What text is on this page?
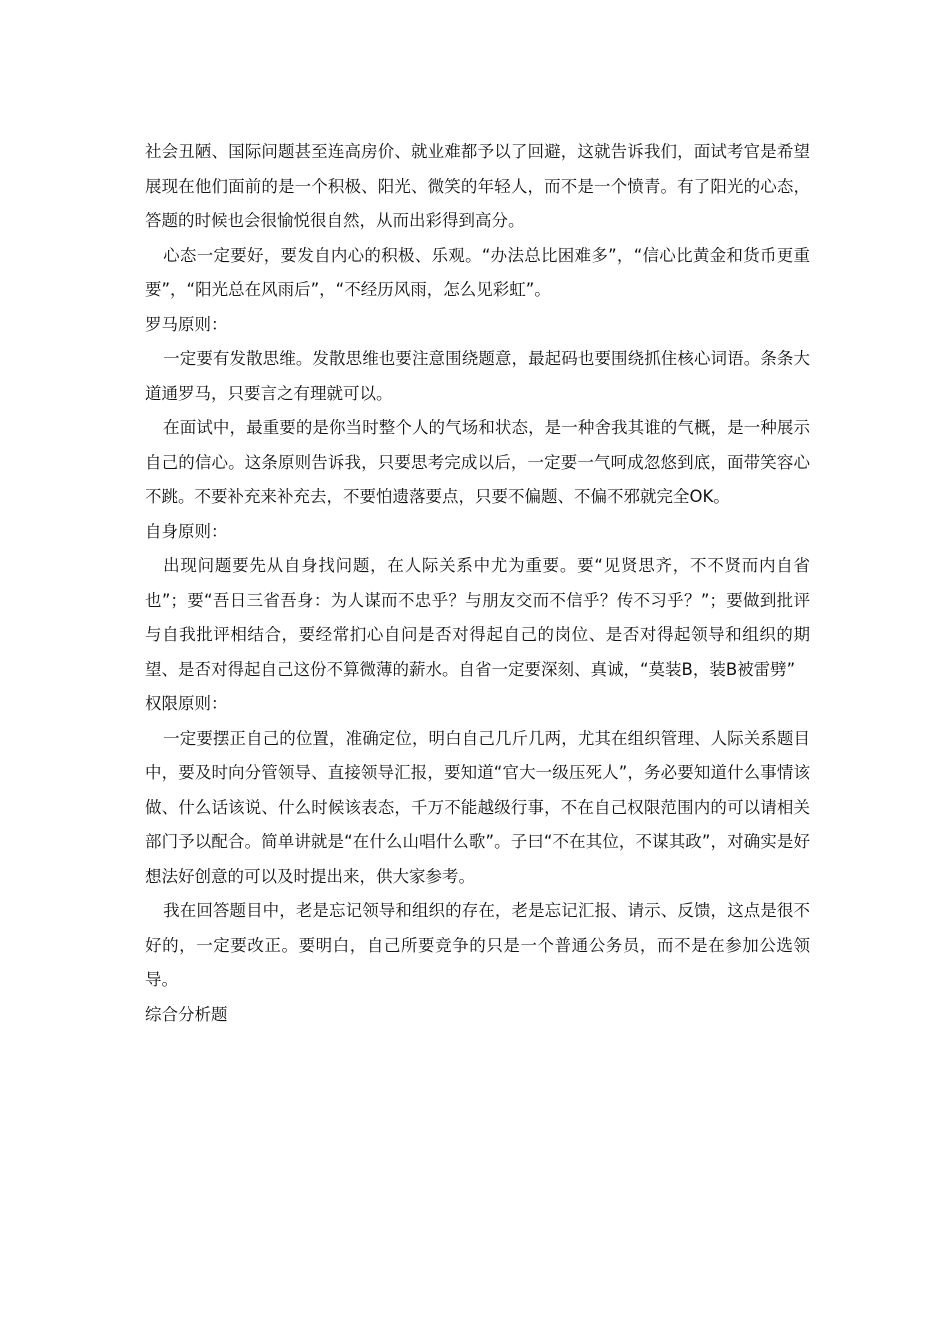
社会丑陋、国际问题甚至连高房价、就业难都予以了回避，这就告诉我们，面试考官是希望展现在他们面前的是一个积极、阳光、微笑的年轻人，而不是一个愤青。有了阳光的心态，答题的时候也会很愉悦很自然，从而出彩得到高分。

心态一定要好，要发自内心的积极、乐观。“办法总比困难多”，“信心比黄金和货币更重要”，“阳光总在风雨后”，“不经历风雨，怎么见彩虹”。

罗马原则：

一定要有发散思维。发散思维也要注意围绕题意，最起码也要围绕抓住核心词语。条条大道通罗马，只要言之有理就可以。

在面试中，最重要的是你当时整个人的气场和状态，是一种舍我其谁的气概，是一种展示自己的信心。这条原则告诉我，只要思考完成以后，一定要一气呵成忽悠到底，面带笑容心不跳。不要补充来补充去，不要怕遗落要点，只要不偏题、不偏不邪就完全OK。

自身原则：

出现问题要先从自身找问题，在人际关系中尤为重要。要“见贤思齐，不不贤而内自省也”；要“吾日三省吾身：为人谋而不忠乎？与朋友交而不信乎？传不习乎？”；要做到批评与自我批评相结合，要经常扪心自问是否对得起自己的岗位、是否对得起领导和组织的期望、是否对得起自己这份不算微薄的薪水。自省一定要深刻、真诚，“莫装B，装B被雷劈”

权限原则：

一定要摆正自己的位置，准确定位，明白自己几斤几两，尤其在组织管理、人际关系题目中，要及时向分管领导、直接领导汇报，要知道“官大一级压死人”，务必要知道什么事情该做、什么话该说、什么时候该表态，千万不能越级行事，不在自己权限范围内的可以请相关部门予以配合。简单讲就是“在什么山唱什么歌”。子曰“不在其位，不谋其政”，对确实是好想法好创意的可以及时提出来，供大家参考。

我在回答题目中，老是忘记领导和组织的存在，老是忘记汇报、请示、反馈，这点是很不好的，一定要改正。要明白，自己所要竞争的只是一个普通公务员，而不是在参加公选领导。

综合分析题
